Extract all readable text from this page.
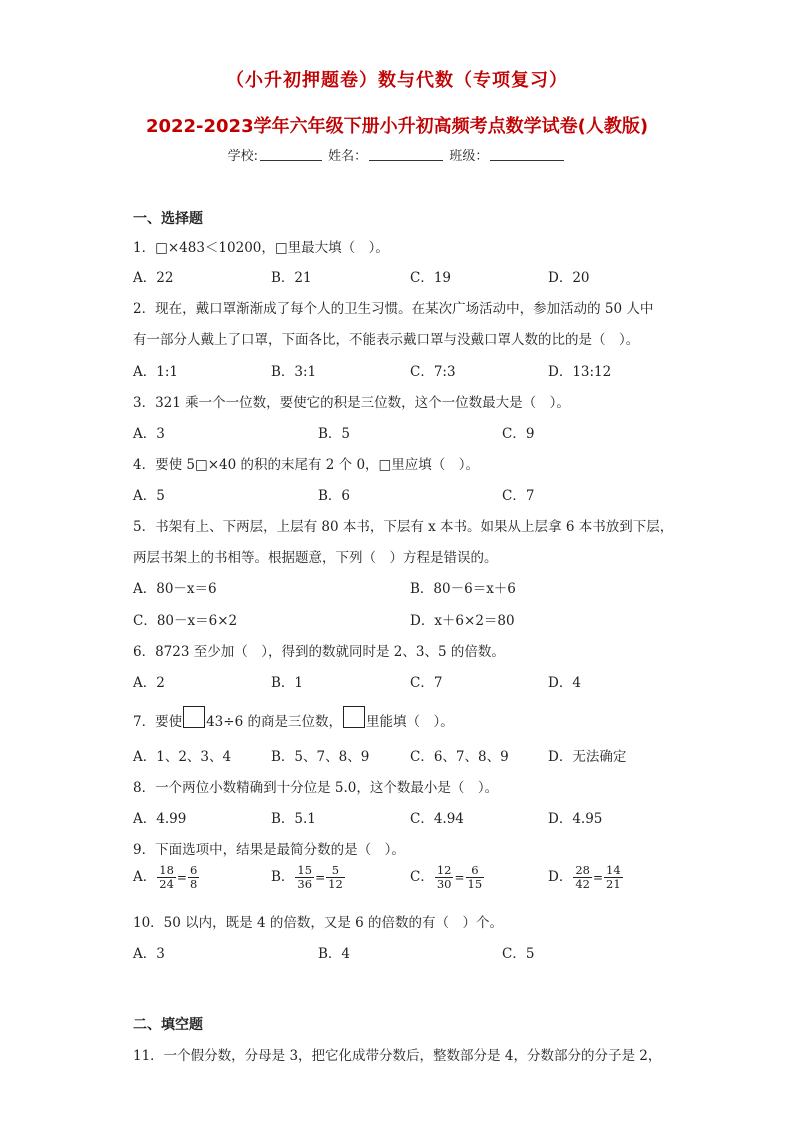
（小升初押题卷）数与代数（专项复习）
2022-2023学年六年级下册小升初高频考点数学试卷(人教版)
学校:	姓名：	班级：
一、选择题
1．□×483＜10200，□里最大填（　）。
A．22	B．21	C．19	D．20
2．现在，戴口罩渐渐成了每个人的卫生习惯。在某次广场活动中，参加活动的 50 人中
有一部分人戴上了口罩，下面各比，不能表示戴口罩与没戴口罩人数的比的是（　）。
A．1:1	B．3:1	C．7:3	D．13:12
3．321 乘一个一位数，要使它的积是三位数，这个一位数最大是（　）。
A．3	B．5	C．9
4．要使 5□×40 的积的末尾有 2 个 0，□里应填（　）。
A．5	B．6	C．7
5．书架有上、下两层，上层有 80 本书，下层有 x 本书。如果从上层拿 6 本书放到下层，
两层书架上的书相等。根据题意，下列（　）方程是错误的。
A．80－x＝6	B．80－6＝x＋6
C．80－x＝6×2	D．x＋6×2＝80
6．8723 至少加（　），得到的数就同时是 2、3、5 的倍数。
A．2	B．1	C．7	D．4
7．要使 43÷6 的商是三位数， 里能填（　）。
A．1、2、3、4	B．5、7、8、9	C．6、7、8、9	D．无法确定
8．一个两位小数精确到十分位是 5.0，这个数最小是（　）。
A．4.99	B．5.1	C．4.94	D．4.95
9．下面选项中，结果是最简分数的是（　）。
A． $\frac{18}{24} = \frac{6}{8}$	B． $\frac{15}{36} = \frac{5}{12}$	C． $\frac{12}{30} = \frac{6}{15}$	D． $\frac{28}{42} = \frac{14}{21}$
10．50 以内，既是 4 的倍数，又是 6 的倍数的有（　）个。
A．3	B．4	C．5
二、填空题
11．一个假分数，分母是 3，把它化成带分数后，整数部分是 4，分数部分的分子是 2，
